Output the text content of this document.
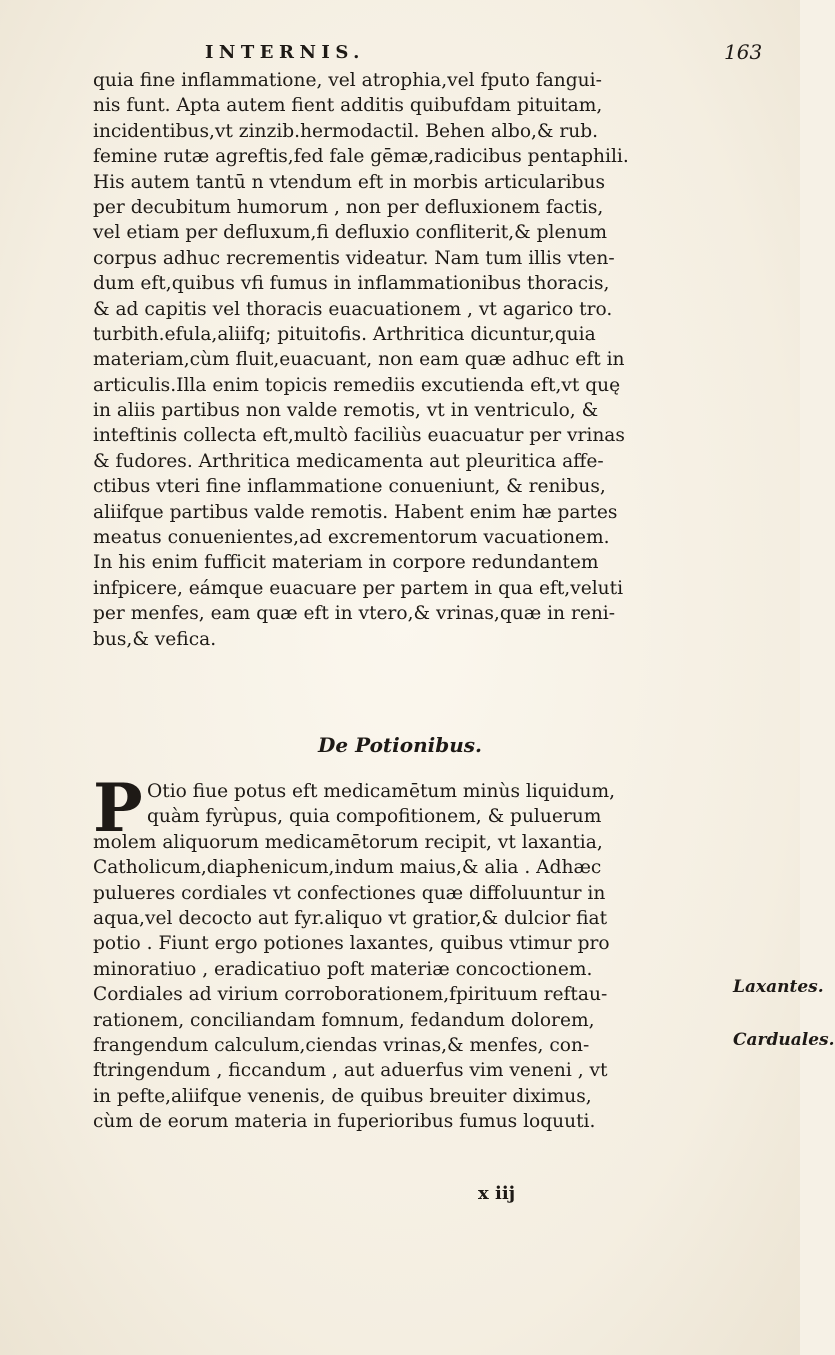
INTERNIS.	163
quia fine inflammatione, vel atrophia,vel fputo fangui-
nis funt. Apta autem fient additis quibufdam pituitam,
incidentibus,vt zinzib.hermodactil. Behen albo,& rub.
femine rutæ agreftis,fed fale gēmæ,radicibus pentaphili.
His autem tantū n vtendum eft in morbis articularibus
per decubitum humorum , non per defluxionem factis,
vel etiam per defluxum,fi defluxio confliterit,& plenum
corpus adhuc recrementis videatur. Nam tum illis vten-
dum eft,quibus vfi fumus in inflammationibus thoracis,
& ad capitis vel thoracis euacuationem , vt agarico tro.
turbith.efula,aliifq; pituitofis. Arthritica dicuntur,quia
materiam,cùm fluit,euacuant, non eam quæ adhuc eft in
articulis.Illa enim topicis remediis excutienda eft,vt quę
in aliis partibus non valde remotis, vt in ventriculo, &
inteftinis collecta eft,multò faciliùs euacuatur per vrinas
& fudores. Arthritica medicamenta aut pleuritica affe-
ctibus vteri fine inflammatione conueniunt, & renibus,
aliifque partibus valde remotis. Habent enim hæ partes
meatus conuenientes,ad excrementorum vacuationem.
In his enim fufficit materiam in corpore redundantem
infpicere, eámque euacuare per partem in qua eft,veluti
per menfes, eam quæ eft in vtero,& vrinas,quæ in reni-
bus,& vefica.
De Potionibus.
P Otio fiue potus eft medicamētum minùs liquidum,
quàm fyrùpus, quia compofitionem, & puluerum
molem aliquorum medicamētorum recipit, vt laxantia,
Catholicum,diaphenicum,indum maius,& alia . Adhæc
pulueres cordiales vt confectiones quæ diffoluuntur in
aqua,vel decocto aut fyr.aliquo vt gratior,& dulcior fiat
potio . Fiunt ergo potiones laxantes, quibus vtimur pro
minoratiuo , eradicatiuo poft materiæ concoctionem.
Cordiales ad virium corroborationem,fpirituum reftau-
rationem, conciliandam fomnum, fedandum dolorem,
frangendum calculum,ciendas vrinas,& menfes, con-
ftringendum , ficcandum , aut aduerfus vim veneni , vt
in pefte,aliifque venenis, de quibus breuiter diximus,
cùm de eorum materia in fuperioribus fumus loquuti.
Laxantes.
Carduales.
x iij
